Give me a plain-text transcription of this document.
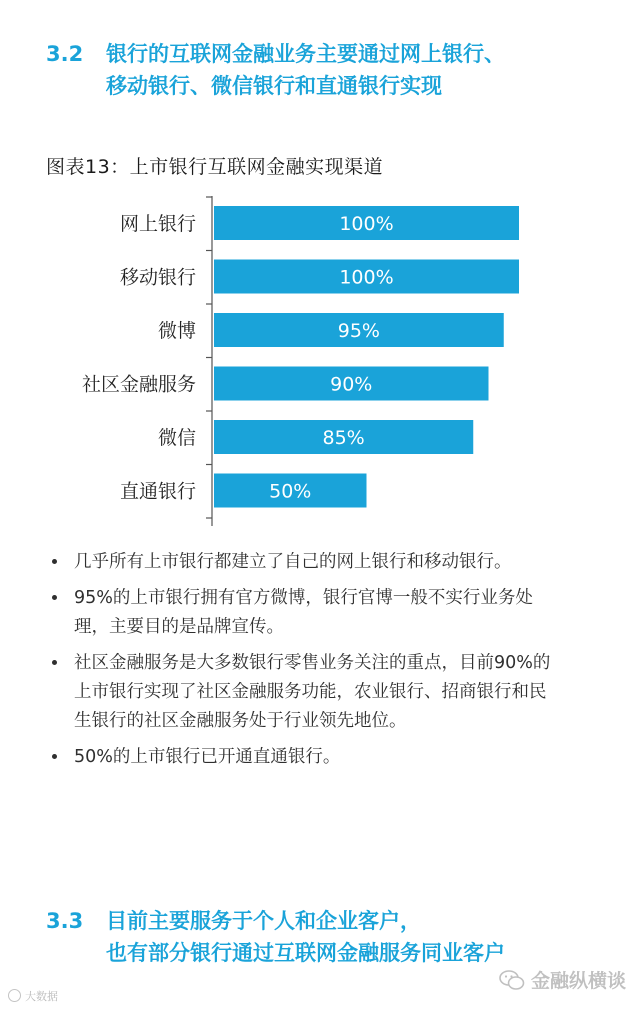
3.2 银行的互联网金融业务主要通过网上银行、
移动银行、微信银行和直通银行实现
图表13：上市银行互联网金融实现渠道
网上银行	100%
移动银行	100%
微博	95%
社区金融服务	90%
微信	85%
直通银行	50%
几乎所有上市银行都建立了自己的网上银行和移动银行。
95%的上市银行拥有官方微博，银行官博一般不实行业务处理，主要目的是品牌宣传。
社区金融服务是大多数银行零售业务关注的重点，目前90%的上市银行实现了社区金融服务功能，农业银行、招商银行和民生银行的社区金融服务处于行业领先地位。
50%的上市银行已开通直通银行。
3.3 目前主要服务于个人和企业客户，
也有部分银行通过互联网金融服务同业客户
大数据
金融纵横谈
